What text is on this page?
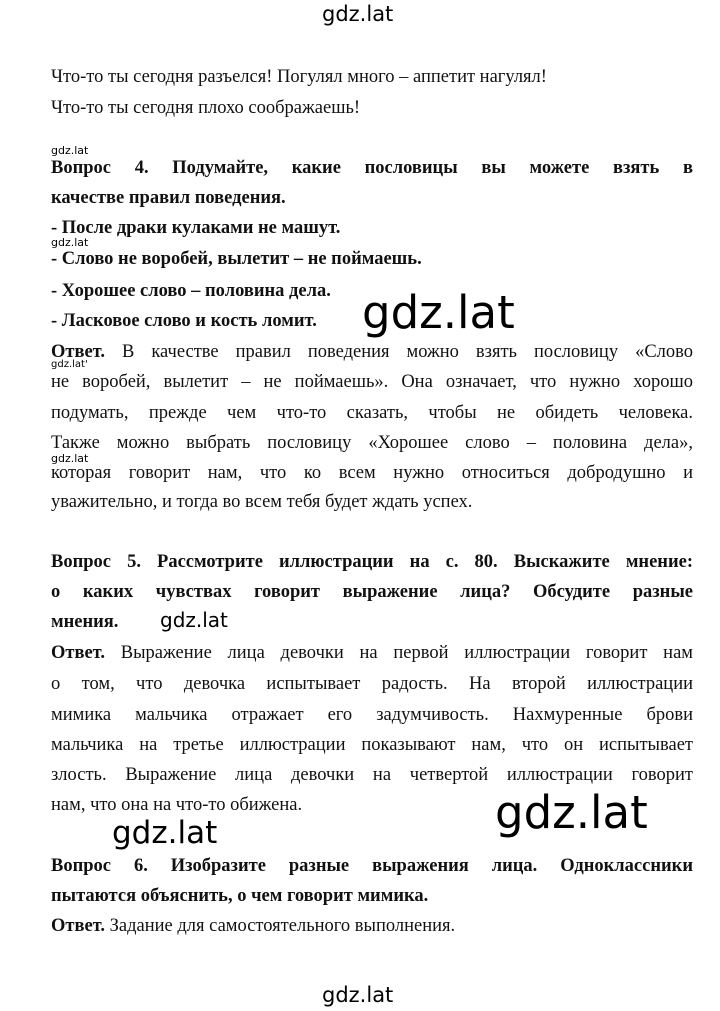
gdz.lat
gdz.lat
gdz.lat
gdz.lat'
gdz.lat
gdz.lat
gdz.lat
gdz.lat	gdz.lat
gdz.lat
Что-то ты сегодня разъелся! Погулял много – аппетит нагулял!
Что-то ты сегодня плохо соображаешь!
Вопрос 4. Подумайте, какие пословицы вы можете взять в
качестве правил поведения.
- После драки кулаками не машут.
- Слово не воробей, вылетит – не поймаешь.
- Хорошее слово – половина дела.
- Ласковое слово и кость ломит.
Ответ. В качестве правил поведения можно взять пословицу «Слово
не воробей, вылетит – не поймаешь». Она означает, что нужно хорошо
подумать, прежде чем что-то сказать, чтобы не обидеть человека.
Также можно выбрать пословицу «Хорошее слово – половина дела»,
которая говорит нам, что ко всем нужно относиться добродушно и
уважительно, и тогда во всем тебя будет ждать успех.
Вопрос 5. Рассмотрите иллюстрации на с. 80. Выскажите мнение:
о каких чувствах говорит выражение лица? Обсудите разные
мнения.
Ответ. Выражение лица девочки на первой иллюстрации говорит нам
о том, что девочка испытывает радость. На второй иллюстрации
мимика мальчика отражает его задумчивость. Нахмуренные брови
мальчика на третье иллюстрации показывают нам, что он испытывает
злость. Выражение лица девочки на четвертой иллюстрации говорит
нам, что она на что-то обижена.
Вопрос 6. Изобразите разные выражения лица. Одноклассники
пытаются объяснить, о чем говорит мимика.
Ответ. Задание для самостоятельного выполнения.
